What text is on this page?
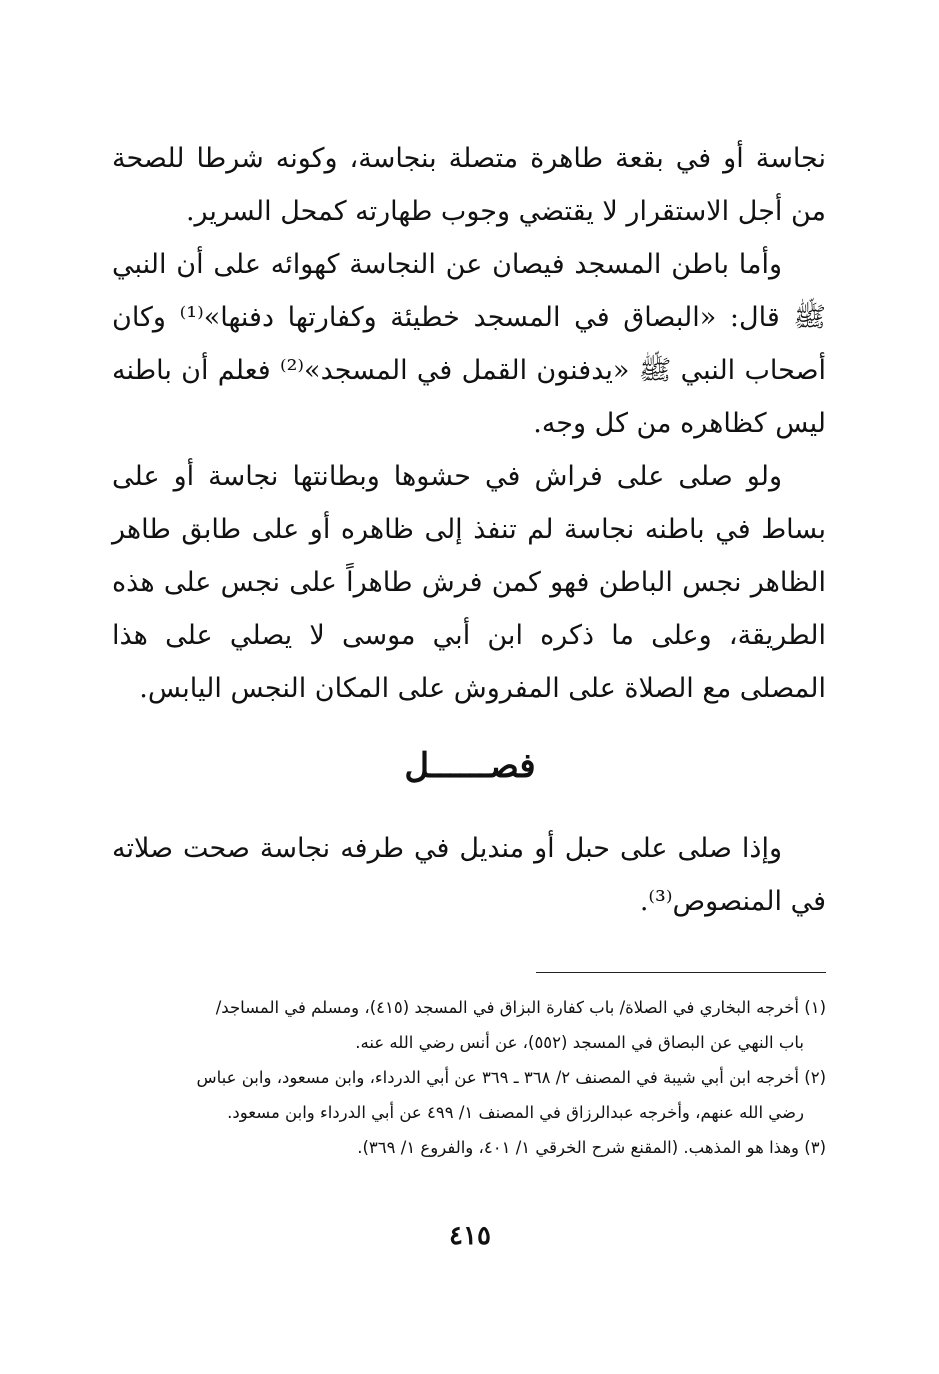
نجاسة أو في بقعة طاهرة متصلة بنجاسة، وكونه شرطا للصحة من أجل الاستقرار لا يقتضي وجوب طهارته كمحل السرير.

وأما باطن المسجد فيصان عن النجاسة كهوائه على أن النبي ﷺ قال: «البصاق في المسجد خطيئة وكفارتها دفنها»⁽¹⁾ وكان أصحاب النبي ﷺ «يدفنون القمل في المسجد»⁽²⁾ فعلم أن باطنه ليس كظاهره من كل وجه.

ولو صلى على فراش في حشوها وبطانتها نجاسة أو على بساط في باطنه نجاسة لم تنفذ إلى ظاهره أو على طابق طاهر الظاهر نجس الباطن فهو كمن فرش طاهراً على نجس على هذه الطريقة، وعلى ما ذكره ابن أبي موسى لا يصلي على هذا المصلى مع الصلاة على المفروش على المكان النجس اليابس.

فصــــــل

وإذا صلى على حبل أو منديل في طرفه نجاسة صحت صلاته في المنصوص⁽³⁾.

(١) أخرجه البخاري في الصلاة/ باب كفارة البزاق في المسجد (٤١٥)، ومسلم في المساجد/

باب النهي عن البصاق في المسجد (٥٥٢)، عن أنس رضي الله عنه.

(٢) أخرجه ابن أبي شيبة في المصنف ٢/ ٣٦٨ ـ ٣٦٩ عن أبي الدرداء، وابن مسعود، وابن عباس

رضي الله عنهم، وأخرجه عبدالرزاق في المصنف ١/ ٤٩٩ عن أبي الدرداء وابن مسعود.

(٣) وهذا هو المذهب. (المقنع شرح الخرقي ١/ ٤٠١، والفروع ١/ ٣٦٩).

٤١٥
